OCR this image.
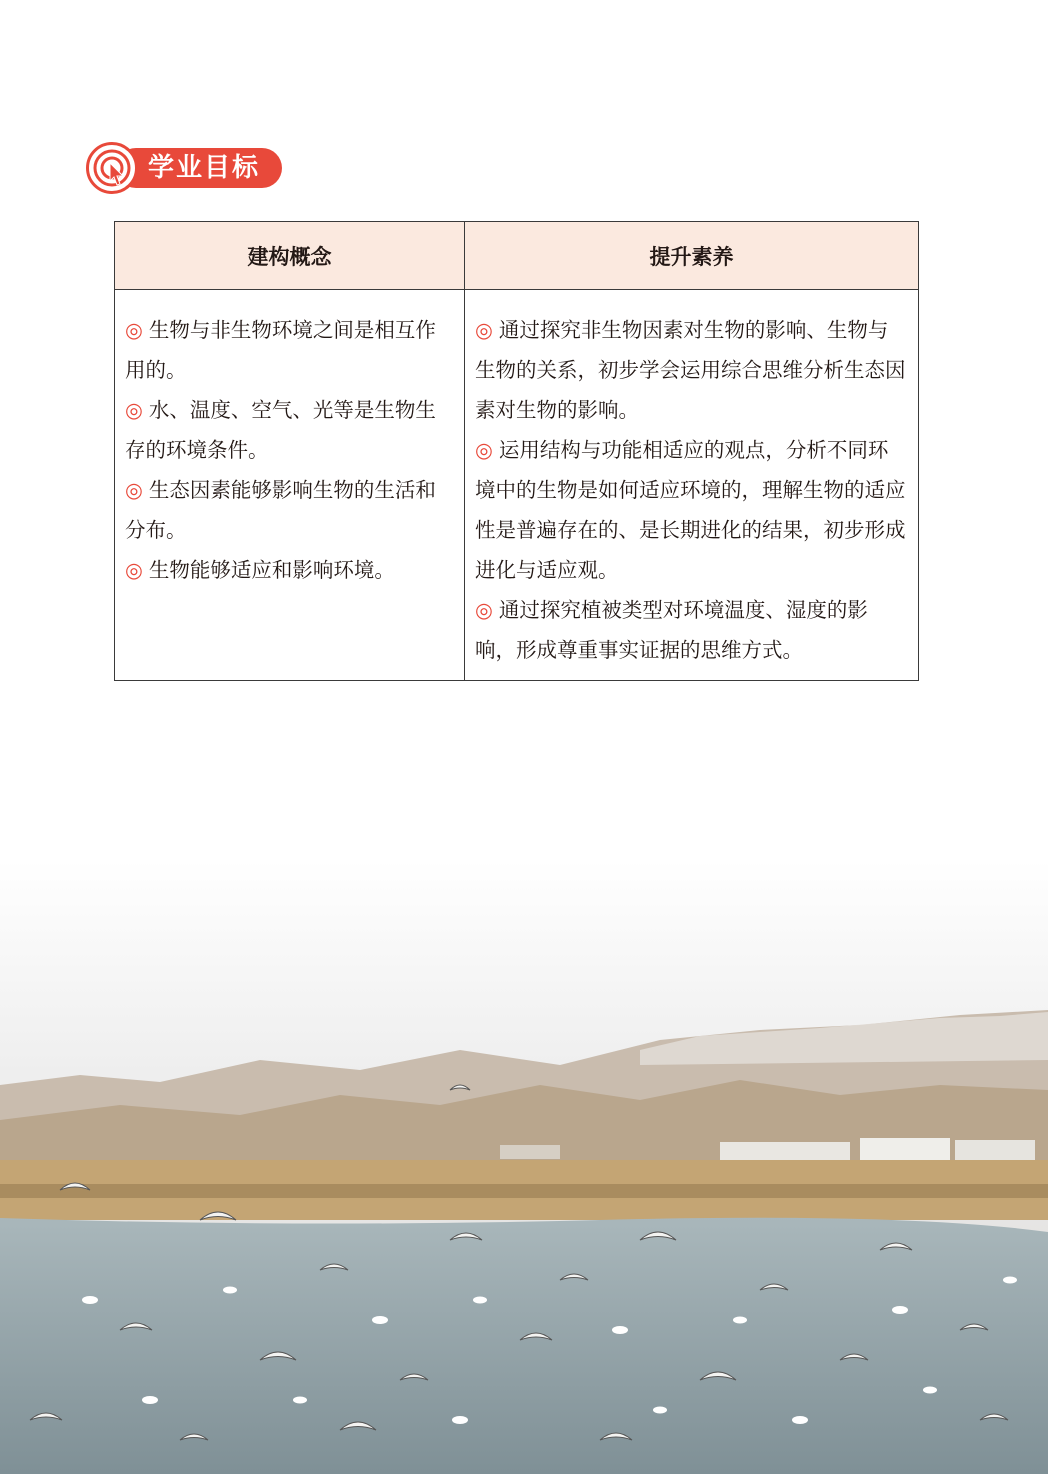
学业目标
建构概念	提升素养

◎ 生物与非生物环境之间是相互作用的。

◎ 水、温度、空气、光等是生物生存的环境条件。

◎ 生态因素能够影响生物的生活和分布。

◎ 生物能够适应和影响环境。

◎ 通过探究非生物因素对生物的影响、生物与生物的关系，初步学会运用综合思维分析生态因素对生物的影响。

◎ 运用结构与功能相适应的观点，分析不同环境中的生物是如何适应环境的，理解生物的适应性是普遍存在的、是长期进化的结果，初步形成进化与适应观。

◎ 通过探究植被类型对环境温度、湿度的影响，形成尊重事实证据的思维方式。
